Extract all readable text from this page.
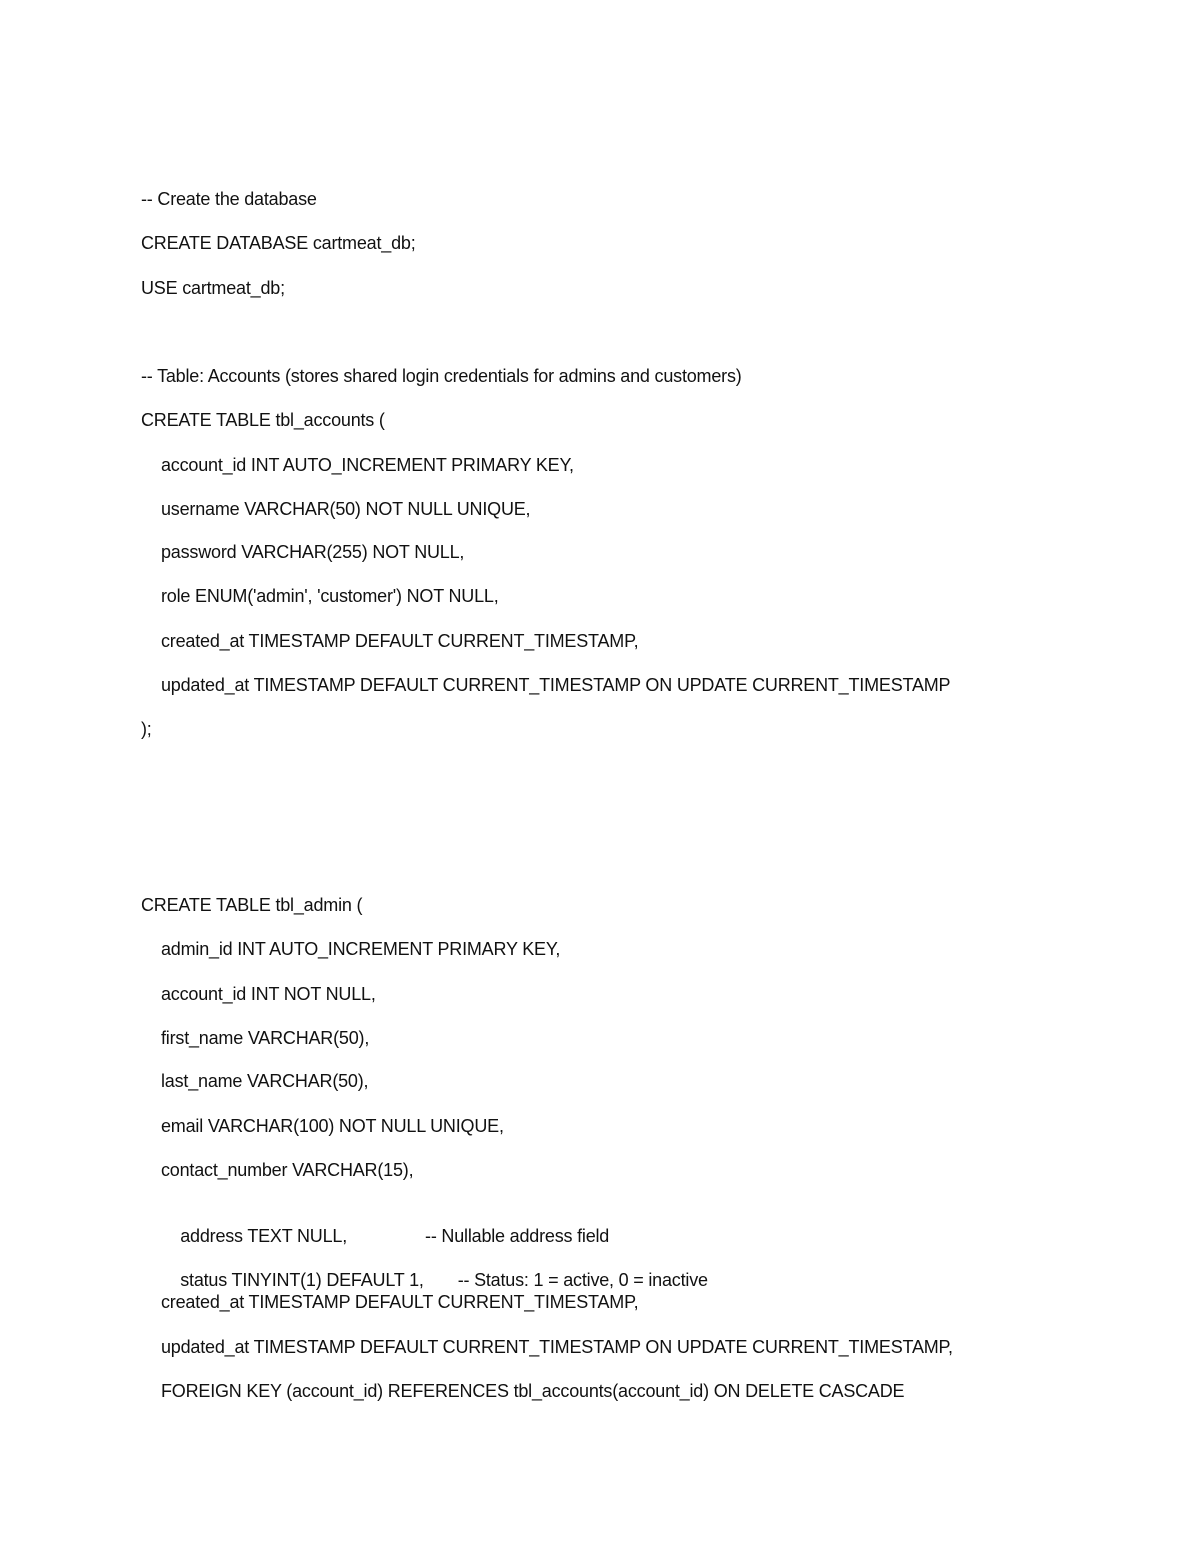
-- Create the database
CREATE DATABASE cartmeat_db;
USE cartmeat_db;
-- Table: Accounts (stores shared login credentials for admins and customers)
CREATE TABLE tbl_accounts (
account_id INT AUTO_INCREMENT PRIMARY KEY,
username VARCHAR(50) NOT NULL UNIQUE,
password VARCHAR(255) NOT NULL,
role ENUM('admin', 'customer') NOT NULL,
created_at TIMESTAMP DEFAULT CURRENT_TIMESTAMP,
updated_at TIMESTAMP DEFAULT CURRENT_TIMESTAMP ON UPDATE CURRENT_TIMESTAMP
);
CREATE TABLE tbl_admin (
admin_id INT AUTO_INCREMENT PRIMARY KEY,
account_id INT NOT NULL,
first_name VARCHAR(50),
last_name VARCHAR(50),
email VARCHAR(100) NOT NULL UNIQUE,
contact_number VARCHAR(15),

address TEXT NULL,	-- Nullable address field

status TINYINT(1) DEFAULT 1, -- Status: 1 = active, 0 = inactive

created_at TIMESTAMP DEFAULT CURRENT_TIMESTAMP,
updated_at TIMESTAMP DEFAULT CURRENT_TIMESTAMP ON UPDATE CURRENT_TIMESTAMP,
FOREIGN KEY (account_id) REFERENCES tbl_accounts(account_id) ON DELETE CASCADE
